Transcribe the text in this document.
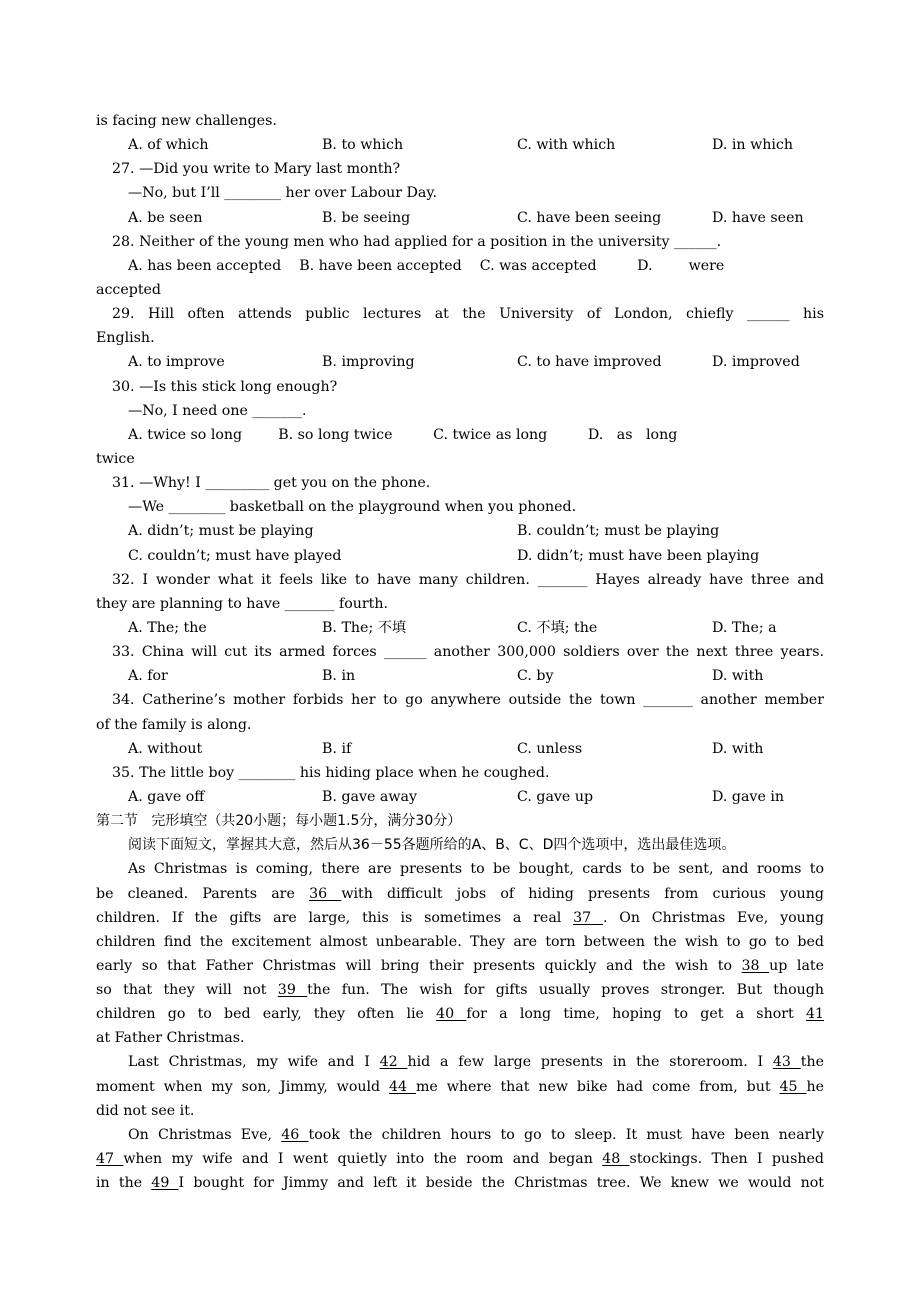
is facing new challenges.

A. of which

	B. to which

	C. with which

	D. in which

27. —Did you write to Mary last month?
—No, but I’ll ________ her over Labour Day.

A. be seen

	B. be seeing

	C. have been seeing

	D. have seen

28. Neither of the young men who had applied for a position in the university ______.
A. has been accepted    B. have been accepted    C. was accepted         D.        were
accepted
29. Hill often attends public lectures at the University of London, chiefly ______ his
English.

A. to improve

	B. improving

	C. to have improved

	D. improved

30. —Is this stick long enough?
—No, I need one _______.
A. twice so long        B. so long twice         C. twice as long         D.   as   long
twice
31. —Why! I _________ get you on the phone.
—We ________ basketball on the playground when you phoned.

A. didn’t; must be playing

	B. couldn’t; must be playing

C. couldn’t; must have played

	D. didn’t; must have been playing

32. I wonder what it feels like to have many children. _______ Hayes already have three and
they are planning to have _______ fourth.

A. The; the

	B. The; 不填

	C. 不填; the

	D. The; a

33. China will cut its armed forces ______ another 300,000 soldiers over the next three years.

A. for

	B. in

	C. by

	D. with

34. Catherine’s mother forbids her to go anywhere outside the town _______ another member
of the family is along.

A. without

	B. if

	C. unless

	D. with

35. The little boy ________ his hiding place when he coughed.

A. gave off

	B. gave away

	C. gave up

	D. gave in

第二节   完形填空（共20小题；每小题1.5分，满分30分）
阅读下面短文，掌握其大意，然后从36－55各题所给的A、B、C、D四个选项中，选出最佳选项。
As Christmas is coming, there are presents to be bought, cards to be sent, and rooms to
be cleaned. Parents are 36 with difficult jobs of hiding presents from curious young
children. If the gifts are large, this is sometimes a real 37 . On Christmas Eve, young
children find the excitement almost unbearable. They are torn between the wish to go to bed
early so that Father Christmas will bring their presents quickly and the wish to 38 up late
so that they will not 39 the fun. The wish for gifts usually proves stronger. But though
children go to bed early, they often lie 40 for a long time, hoping to get a short 41
at Father Christmas.
Last Christmas, my wife and I 42 hid a few large presents in the storeroom. I 43 the
moment when my son, Jimmy, would 44 me where that new bike had come from, but 45 he
did not see it.
On Christmas Eve, 46 took the children hours to go to sleep. It must have been nearly
47 when my wife and I went quietly into the room and began 48 stockings. Then I pushed
in the 49 I bought for Jimmy and left it beside the Christmas tree. We knew we would not
